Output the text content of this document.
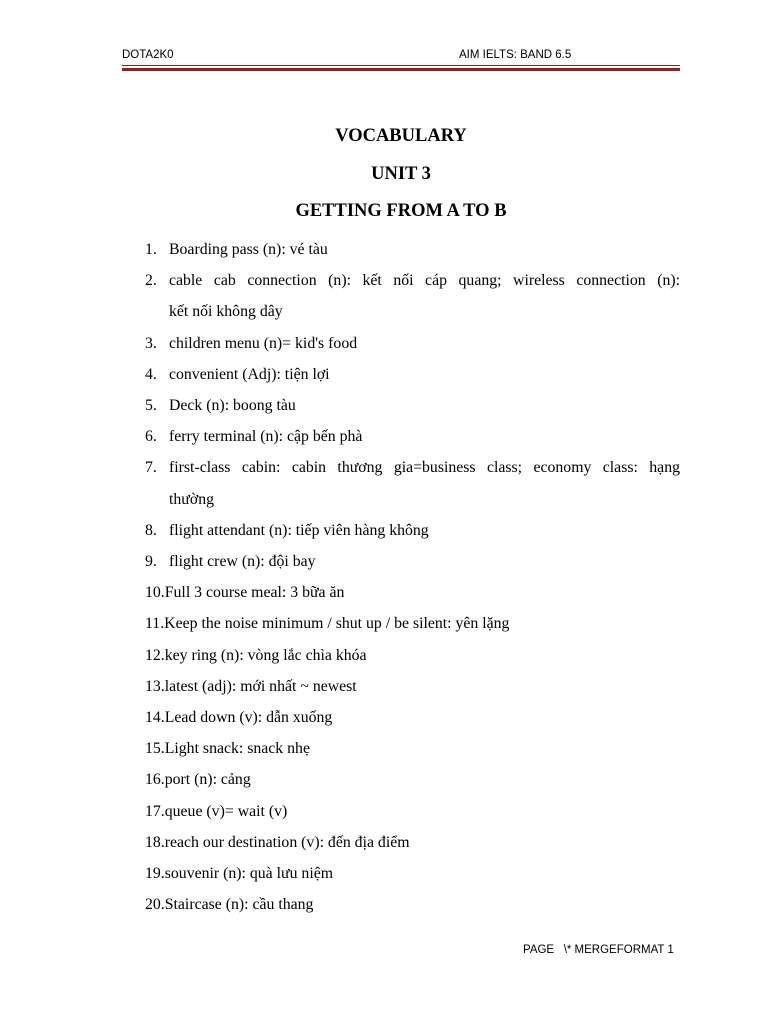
DOTA2K0	AIM IELTS: BAND 6.5
VOCABULARY
UNIT 3
GETTING FROM A TO B
1. Boarding pass (n): vé tàu
2. cable cab connection (n): kết nối cáp quang; wireless connection (n):
kết nối không dây
3. children menu (n)= kid's food
4. convenient (Adj): tiện lợi
5. Deck (n): boong tàu
6. ferry terminal (n): cập bến phà
7. first-class cabin: cabin thương gia=business class; economy class: hạng
thường
8. flight attendant (n): tiếp viên hàng không
9. flight crew (n): đội bay
10. Full 3 course meal: 3 bữa ăn
11. Keep the noise minimum / shut up / be silent: yên lặng
12. key ring (n): vòng lắc chìa khóa
13. latest (adj): mới nhất ~ newest
14. Lead down (v): dẫn xuống
15. Light snack: snack nhẹ
16. port (n): cảng
17. queue (v)= wait (v)
18. reach our destination (v): đến địa điểm
19. souvenir (n): quà lưu niệm
20. Staircase (n): cầu thang
PAGE   \* MERGEFORMAT 1
